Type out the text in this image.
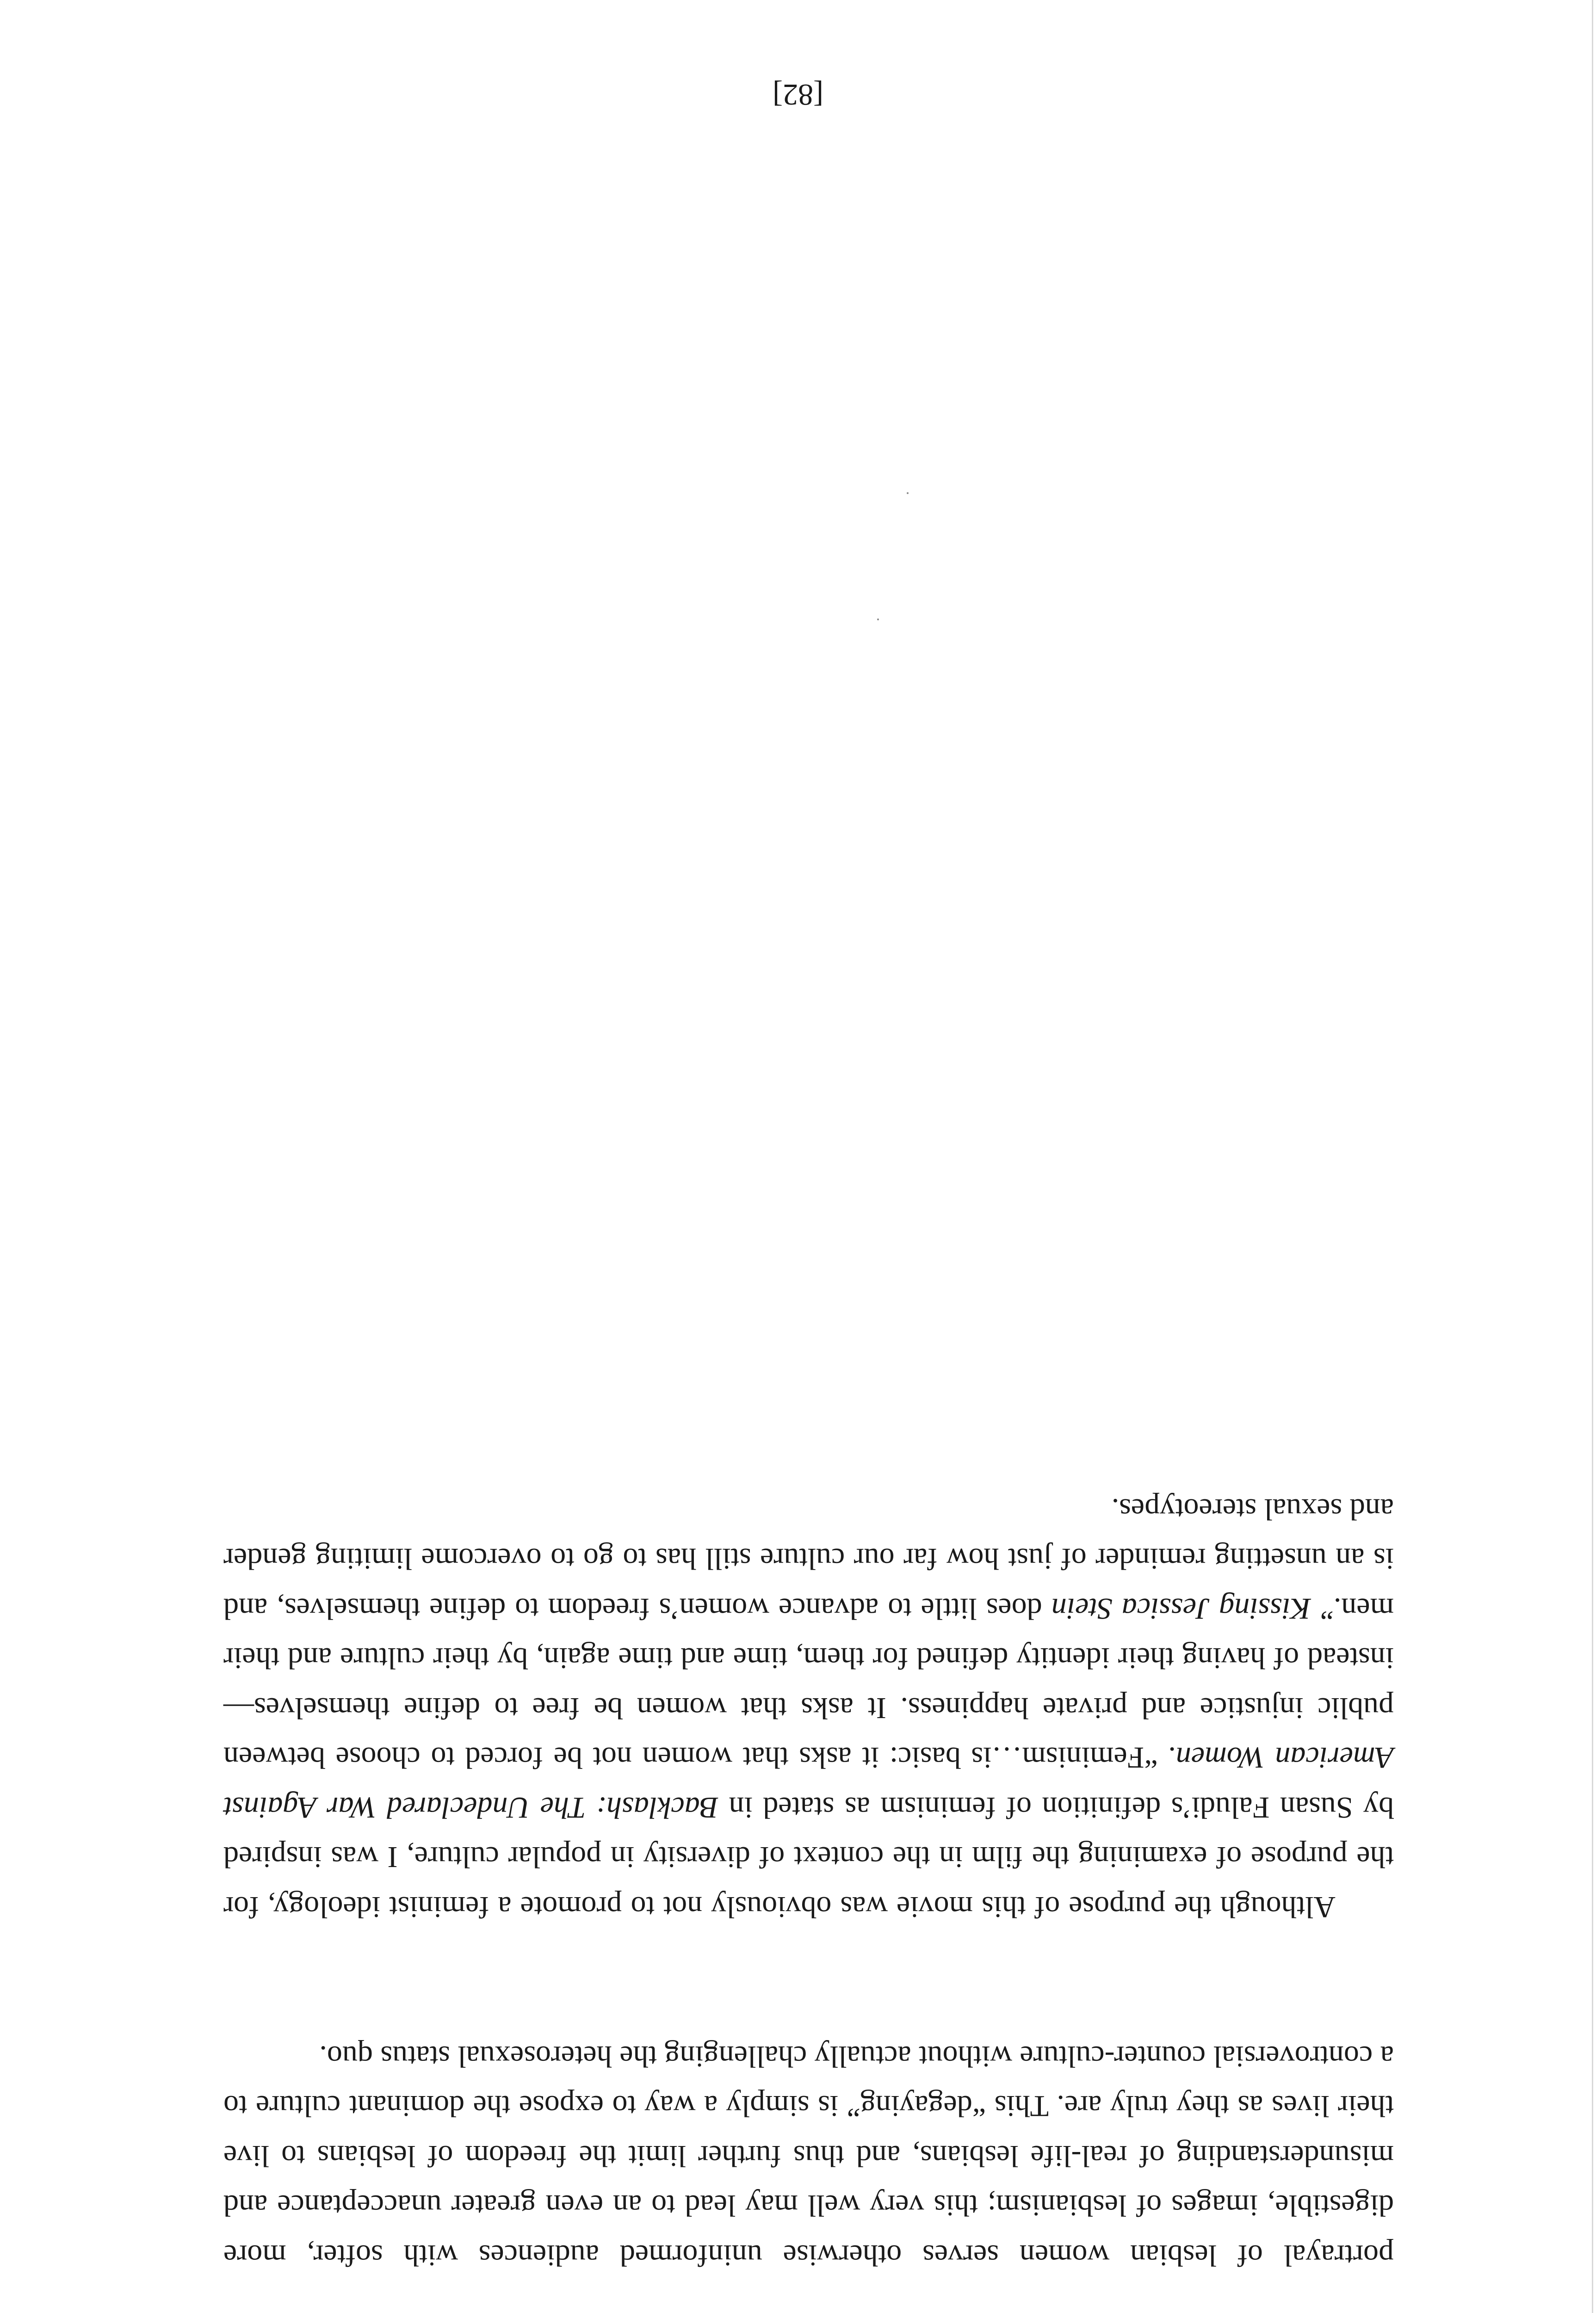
portrayal of lesbian women serves otherwise uninformed audiences with softer, more digestible, images of lesbianism; this very well may lead to an even greater unacceptance and misunderstanding of real-life lesbians, and thus further limit the freedom of lesbians to live their lives as they truly are. This “degaying” is simply a way to expose the dominant culture to a controversial counter-culture without actually challenging the heterosexual status quo.

Although the purpose of this movie was obviously not to promote a feminist ideology, for the purpose of examining the film in the context of diversity in popular culture, I was inspired by Susan Faludi’s definition of feminism as stated in Backlash: The Undeclared War Against American Women. “Feminism…is basic: it asks that women not be forced to choose between public injustice and private happiness. It asks that women be free to define themselves—instead of having their identity defined for them, time and time again, by their culture and their men.” Kissing Jessica Stein does little to advance women’s freedom to define themselves, and is an unsetting reminder of just how far our culture still has to go to overcome limiting gender and sexual stereotypes.

[82]
